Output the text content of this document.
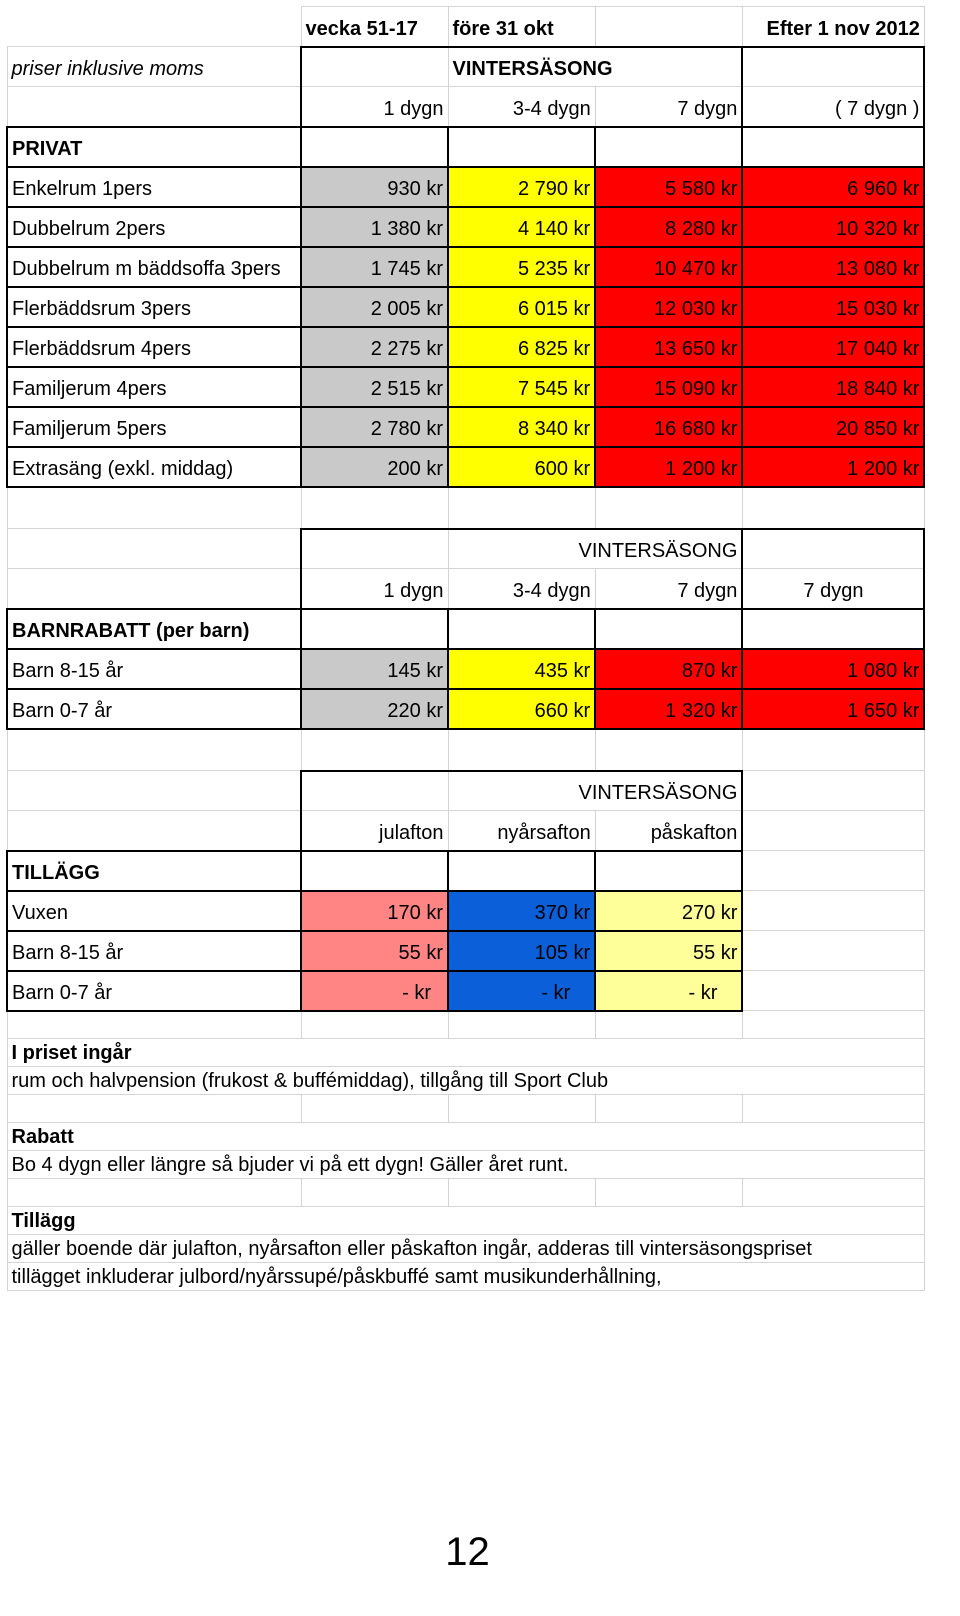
	vecka 51-17	före 31 okt		Efter 1 nov 2012
priser inklusive moms		VINTERSÄSONG		
	1 dygn	3-4 dygn	7 dygn	( 7 dygn )
PRIVAT				
Enkelrum 1pers	930 kr	2 790 kr	5 580 kr	6 960 kr
Dubbelrum 2pers	1 380 kr	4 140 kr	8 280 kr	10 320 kr
Dubbelrum m bäddsoffa 3pers	1 745 kr	5 235 kr	10 470 kr	13 080 kr
Flerbäddsrum 3pers	2 005 kr	6 015 kr	12 030 kr	15 030 kr
Flerbäddsrum 4pers	2 275 kr	6 825 kr	13 650 kr	17 040 kr
Familjerum 4pers	2 515 kr	7 545 kr	15 090 kr	18 840 kr
Familjerum 5pers	2 780 kr	8 340 kr	16 680 kr	20 850 kr
Extrasäng (exkl. middag)	200 kr	600 kr	1 200 kr	1 200 kr

		VINTERSÄSONG		
	1 dygn	3-4 dygn	7 dygn	7 dygn
BARNRABATT (per barn)				
Barn 8-15 år	145 kr	435 kr	870 kr	1 080 kr
Barn 0-7 år	220 kr	660 kr	1 320 kr	1 650 kr

		VINTERSÄSONG		
	julafton	nyårsafton	påskafton	
TILLÄGG				
Vuxen	170 kr	370 kr	270 kr	
Barn 8-15 år	55 kr	105 kr	55 kr	
Barn 0-7 år	- kr	- kr	- kr	

I priset ingår				
rum och halvpension (frukost & buffémiddag), tillgång till Sport Club				

Rabatt				
Bo 4 dygn eller längre så bjuder vi på ett dygn! Gäller året runt.				

Tillägg				
gäller boende där julafton, nyårsafton eller påskafton ingår, adderas till vintersäsongspriset				
tillägget inkluderar julbord/nyårssupé/påskbuffé samt musikunderhållning,				
12
